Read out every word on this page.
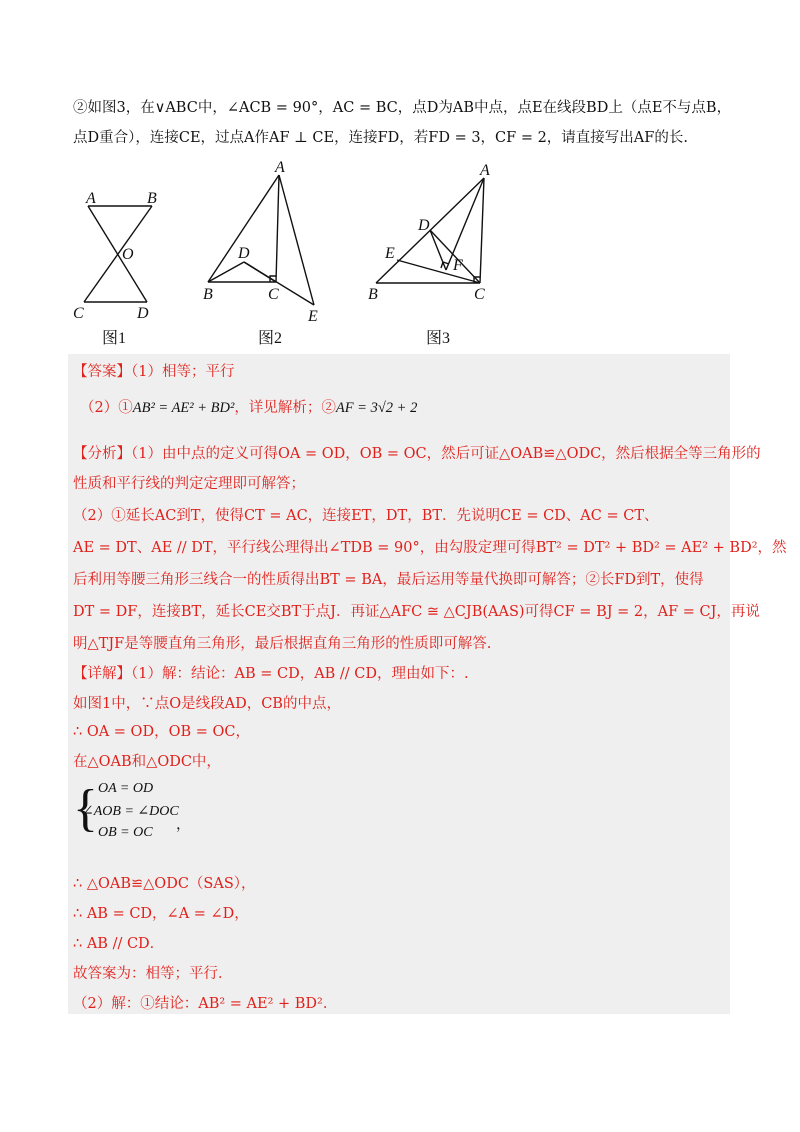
②如图3，在∨ABC中，∠ACB = 90°，AC = BC，点D为AB中点，点E在线段BD上（点E不与点B，
点D重合），连接CE，过点A作AF ⊥ CE，连接FD，若FD = 3，CF = 2，请直接写出AF的长.
A	B
O
C	D
A
B	C
D
E
A
B	C
D
E
F
图1	图2	图3
【答案】（1）相等；平行
（2）①AB² = AE² + BD²，详见解析；②AF = 3√2 + 2
【分析】（1）由中点的定义可得OA = OD，OB = OC，然后可证△OAB≌△ODC，然后根据全等三角形的
性质和平行线的判定定理即可解答；
（2）①延长AC到T，使得CT = AC，连接ET，DT，BT．先说明CE = CD、AC = CT、
AE = DT、AE // DT，平行线公理得出∠TDB = 90°，由勾股定理可得BT² = DT² + BD² = AE² + BD²，然
后利用等腰三角形三线合一的性质得出BT = BA，最后运用等量代换即可解答；②长FD到T，使得
DT = DF，连接BT，延长CE交BT于点J．再证△AFC ≅ △CJB(AAS)可得CF = BJ = 2，AF = CJ，再说
明△TJF是等腰直角三角形，最后根据直角三角形的性质即可解答.
【详解】（1）解：结论：AB = CD，AB // CD，理由如下：.
如图1中，∵点O是线段AD，CB的中点，
∴ OA = OD，OB = OC，
在△OAB和△ODC中，
{ OA = OD
∠AOB = ∠DOC
OB = OC ，
∴ △OAB≌△ODC（SAS），
∴ AB = CD，∠A = ∠D，
∴ AB // CD．
故答案为：相等；平行．
（2）解：①结论：AB² = AE² + BD²．
